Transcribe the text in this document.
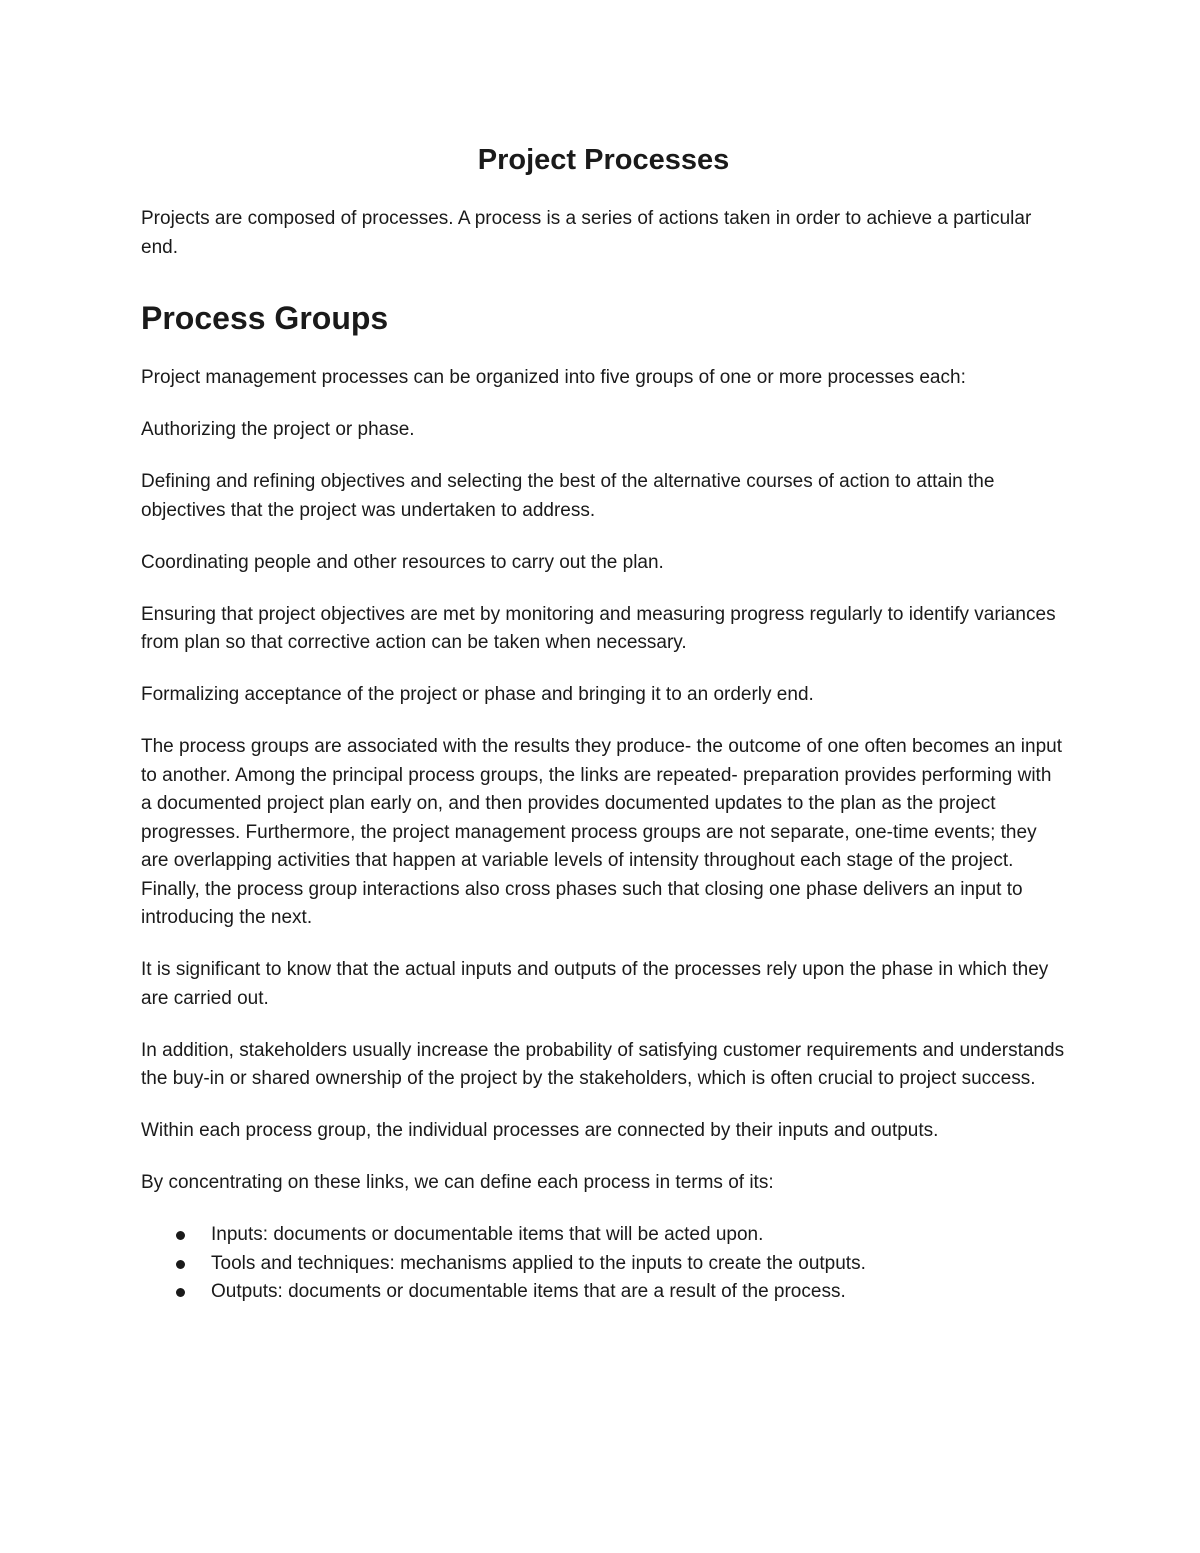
Project Processes

Projects are composed of processes. A process is a series of actions taken in order to achieve a particular end.

Process Groups

Project management processes can be organized into five groups of one or more processes each:

Authorizing the project or phase.

Defining and refining objectives and selecting the best of the alternative courses of action to attain the objectives that the project was undertaken to address.

Coordinating people and other resources to carry out the plan.

Ensuring that project objectives are met by monitoring and measuring progress regularly to identify variances from plan so that corrective action can be taken when necessary.

Formalizing acceptance of the project or phase and bringing it to an orderly end.

The process groups are associated with the results they produce- the outcome of one often becomes an input to another. Among the principal process groups, the links are repeated- preparation provides performing with a documented project plan early on, and then provides documented updates to the plan as the project progresses. Furthermore, the project management process groups are not separate, one-time events; they are overlapping activities that happen at variable levels of intensity throughout each stage of the project. Finally, the process group interactions also cross phases such that closing one phase delivers an input to introducing the next.

It is significant to know that the actual inputs and outputs of the processes rely upon the phase in which they are carried out.

In addition, stakeholders usually increase the probability of satisfying customer requirements and understands the buy-in or shared ownership of the project by the stakeholders, which is often crucial to project success.

Within each process group, the individual processes are connected by their inputs and outputs.

By concentrating on these links, we can define each process in terms of its:

Inputs: documents or documentable items that will be acted upon.
Tools and techniques: mechanisms applied to the inputs to create the outputs.
Outputs: documents or documentable items that are a result of the process.
